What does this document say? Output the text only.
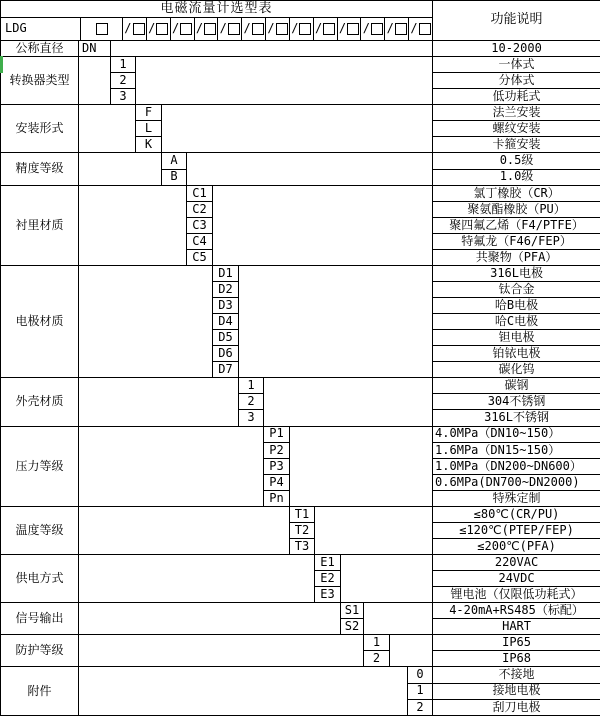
电磁流量计选型表															功能说明

LDG	/	/	/	/	/	/	/	/	/	/	/	/	/

公称直径	DN														10-2000
转换器类型		1													一体式
		2													分体式
		3													低功耗式
安装形式			F												法兰安装
			L												螺纹安装
			K												卡箍安装
精度等级				A											0.5级
				B											1.0级
衬里材质					C1										氯丁橡胶（CR）
					C2										聚氨酯橡胶（PU）
					C3										聚四氟乙烯（F4/PTFE）
					C4										特氟龙（F46/FEP）
					C5										共聚物（PFA）
电极材质						D1									316L电极
						D2									钛合金
						D3									哈B电极
						D4									哈C电极
						D5									钽电极
						D6									铂铱电极
						D7									碳化钨
外壳材质							1								碳钢
							2								304不锈钢
							3								316L不锈钢
压力等级								P1							4.0MPa（DN10~150）
								P2							1.6MPa（DN15~150）
								P3							1.0MPa（DN200~DN600）
								P4							0.6MPa(DN700~DN2000)
								Pn							特殊定制
温度等级									T1						≤80℃(CR/PU)
									T2						≤120℃(PTEP/FEP)
									T3						≤200℃(PFA)
供电方式										E1					220VAC
										E2					24VDC
										E3					锂电池（仅限低功耗式）
信号输出											S1				4-20mA+RS485（标配）
											S2				HART
防护等级												1			IP65
												2			IP68
附件														0	不接地
														1	接地电极
														2	刮刀电极
